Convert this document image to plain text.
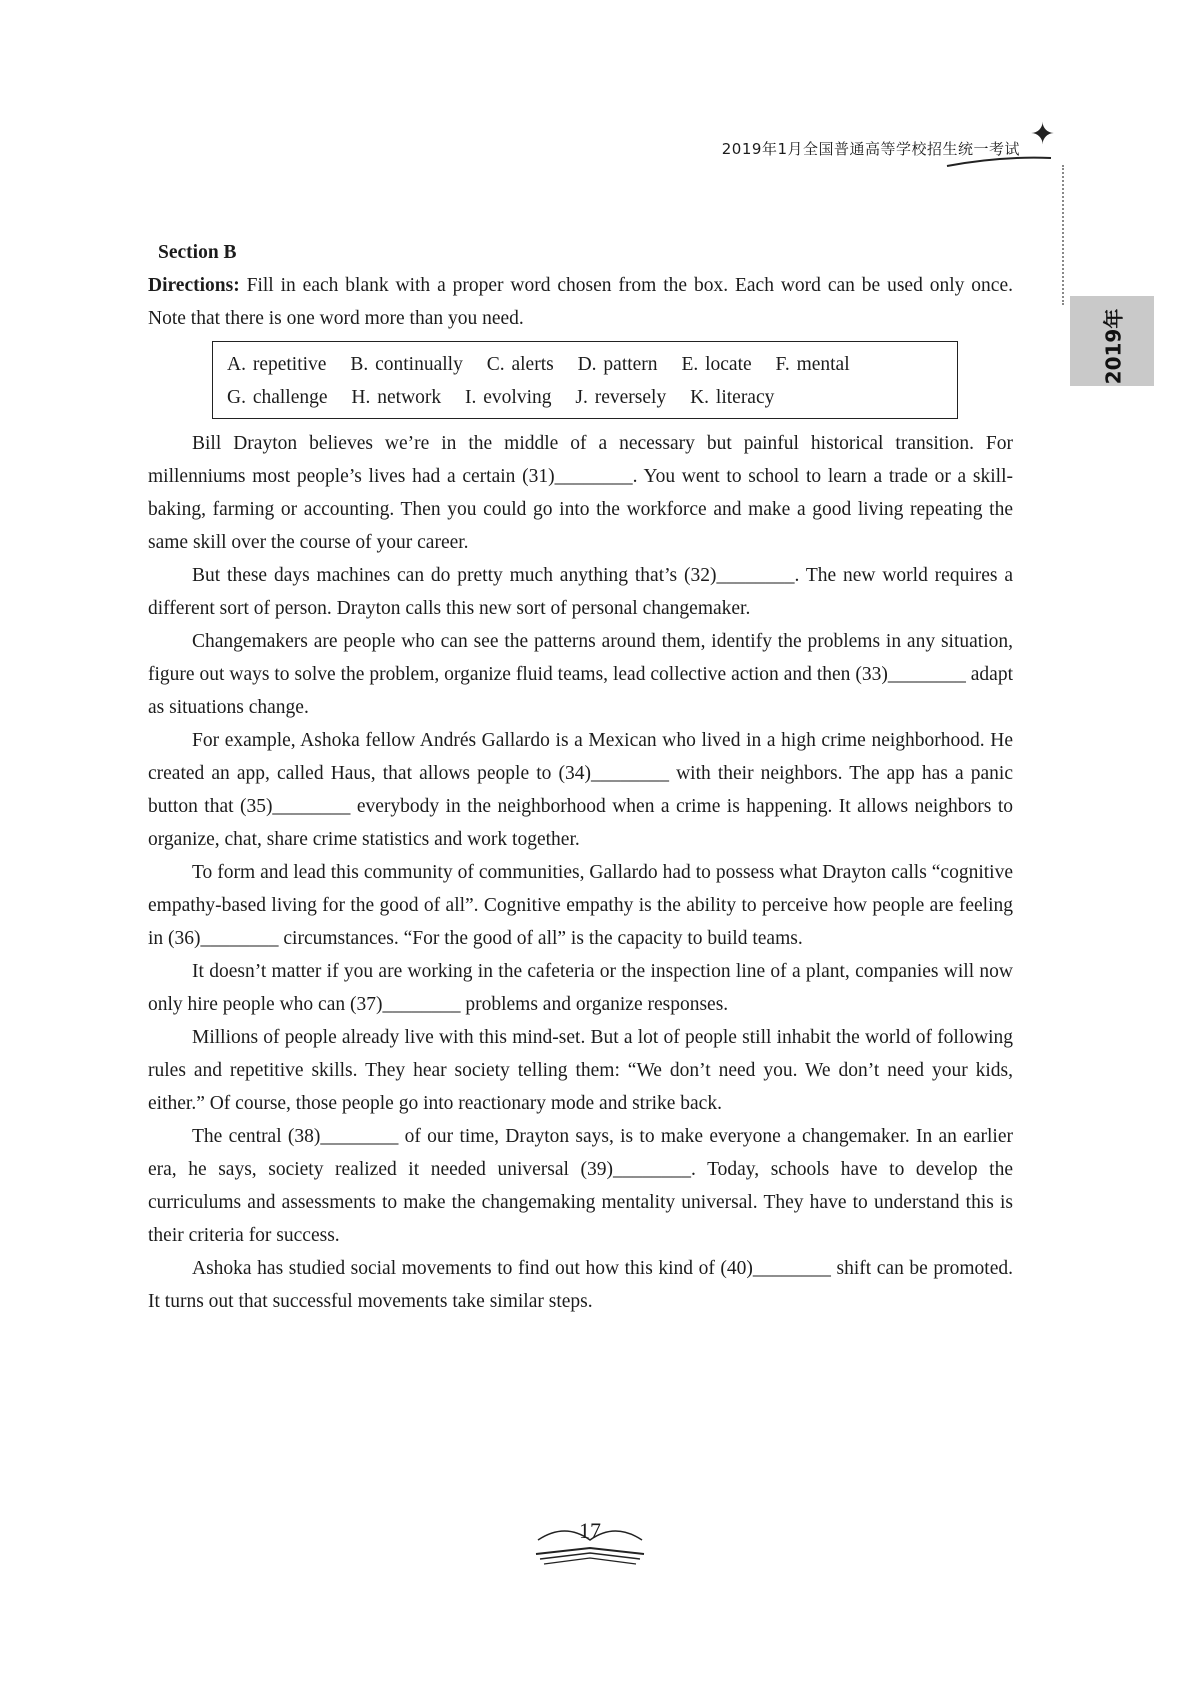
2019年1月全国普通高等学校招生统一考试 ✦
2019年

Section B

Directions: Fill in each blank with a proper word chosen from the box. Each word can be used only once. Note that there is one word more than you need.

A. repetitive B. continually C. alerts D. pattern E. locate F. mental
G. challenge H. network I. evolving J. reversely K. literacy

Bill Drayton believes we’re in the middle of a necessary but painful historical transition. For millenniums most people’s lives had a certain (31)________. You went to school to learn a trade or a skill-baking, farming or accounting. Then you could go into the workforce and make a good living repeating the same skill over the course of your career.

But these days machines can do pretty much anything that’s (32)________. The new world requires a different sort of person. Drayton calls this new sort of personal changemaker.

Changemakers are people who can see the patterns around them, identify the problems in any situation, figure out ways to solve the problem, organize fluid teams, lead collective action and then (33)________ adapt as situations change.

For example, Ashoka fellow Andrés Gallardo is a Mexican who lived in a high crime neighborhood. He created an app, called Haus, that allows people to (34)________ with their neighbors. The app has a panic button that (35)________ everybody in the neighborhood when a crime is happening. It allows neighbors to organize, chat, share crime statistics and work together.

To form and lead this community of communities, Gallardo had to possess what Drayton calls “cognitive empathy-based living for the good of all”. Cognitive empathy is the ability to perceive how people are feeling in (36)________ circumstances. “For the good of all” is the capacity to build teams.

It doesn’t matter if you are working in the cafeteria or the inspection line of a plant, companies will now only hire people who can (37)________ problems and organize responses.

Millions of people already live with this mind-set. But a lot of people still inhabit the world of following rules and repetitive skills. They hear society telling them: “We don’t need you. We don’t need your kids, either.” Of course, those people go into reactionary mode and strike back.

The central (38)________ of our time, Drayton says, is to make everyone a changemaker. In an earlier era, he says, society realized it needed universal (39)________. Today, schools have to develop the curriculums and assessments to make the changemaking mentality universal. They have to understand this is their criteria for success.

Ashoka has studied social movements to find out how this kind of (40)________ shift can be promoted. It turns out that successful movements take similar steps.

17
